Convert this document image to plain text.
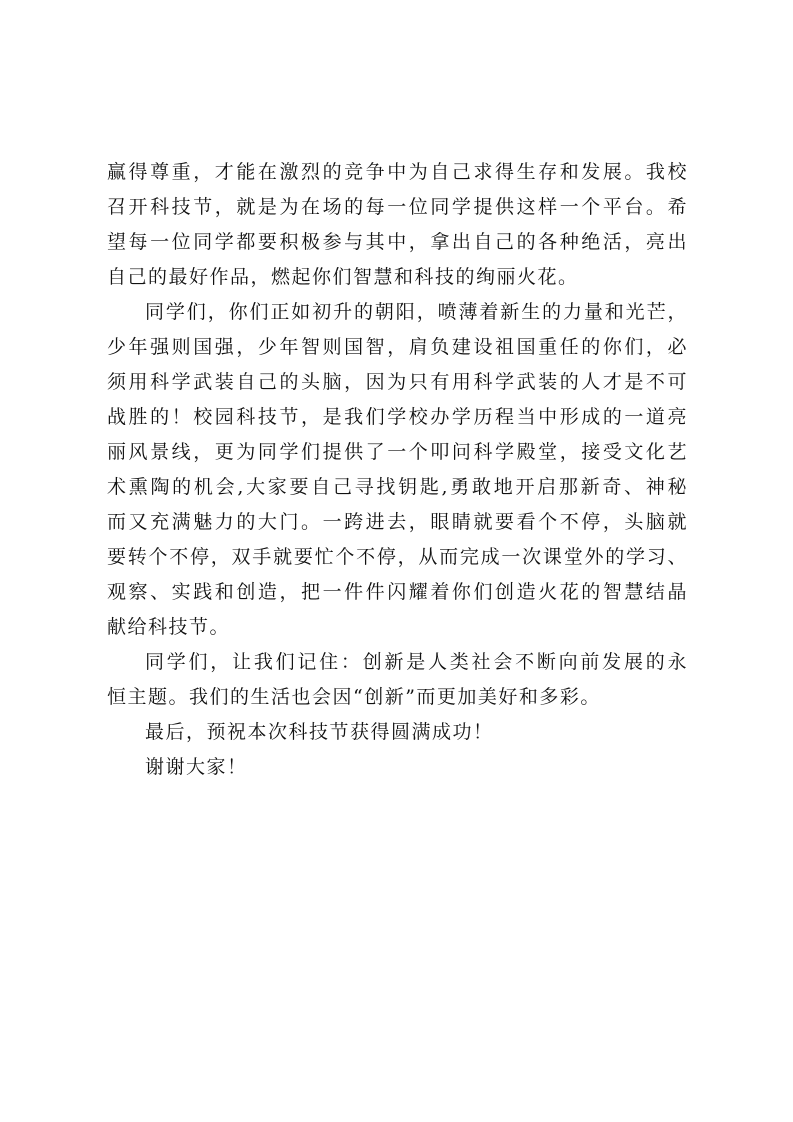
赢得尊重，才能在激烈的竞争中为自己求得生存和发展。我校
召开科技节，就是为在场的每一位同学提供这样一个平台。希
望每一位同学都要积极参与其中，拿出自己的各种绝活，亮出
自己的最好作品，燃起你们智慧和科技的绚丽火花。
同学们，你们正如初升的朝阳，喷薄着新生的力量和光芒，
少年强则国强，少年智则国智，肩负建设祖国重任的你们，必
须用科学武装自己的头脑，因为只有用科学武装的人才是不可
战胜的！校园科技节，是我们学校办学历程当中形成的一道亮
丽风景线，更为同学们提供了一个叩问科学殿堂，接受文化艺
术熏陶的机会,大家要自己寻找钥匙,勇敢地开启那新奇、神秘
而又充满魅力的大门。一跨进去，眼睛就要看个不停，头脑就
要转个不停，双手就要忙个不停，从而完成一次课堂外的学习、
观察、实践和创造，把一件件闪耀着你们创造火花的智慧结晶
献给科技节。
同学们，让我们记住：创新是人类社会不断向前发展的永
恒主题。我们的生活也会因“创新”而更加美好和多彩。
最后，预祝本次科技节获得圆满成功！
谢谢大家！
